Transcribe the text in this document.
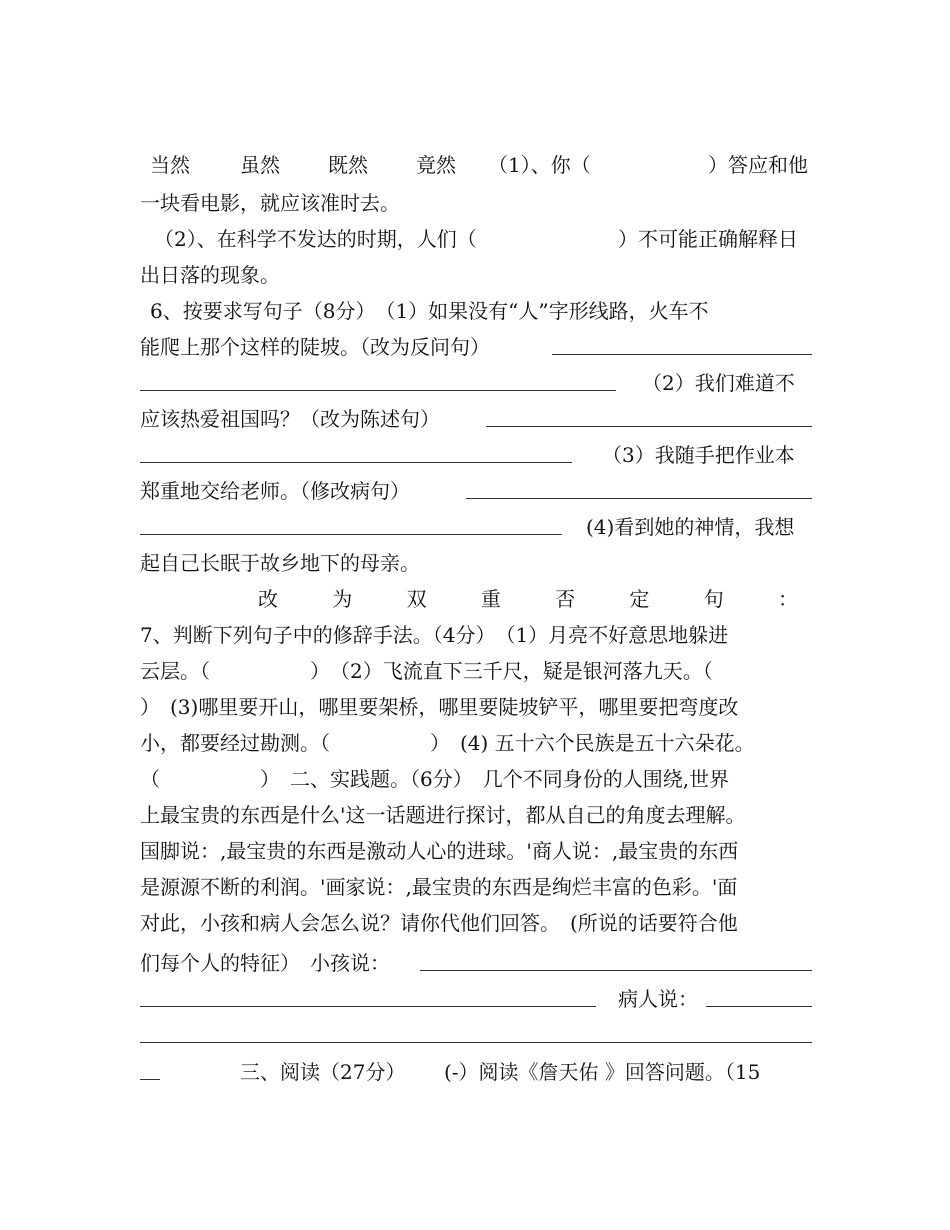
当然	虽然 既然 竟然 （1）、你（	）答应和他
一块看电影，就应该准时去。
（2）、在科学不发达的时期，人们（	）不可能正确解释日
出日落的现象。
6、按要求写句子（8分）　（1）如果没有“人”字形线路，火车不
能爬上那个这样的陡坡。（改为反问句）
（2）我们难道不
应该热爱祖国吗？（改为陈述句）
（3）我随手把作业本
郑重地交给老师。（修改病句）
(4)看到她的神情，我想
起自己长眠于故乡地下的母亲。
改	为	双	重	否	定	句	：
7、判断下列句子中的修辞手法。（4分）　（1）月亮不好意思地躲进
云层。（　　　　　）　（2）飞流直下三千尺，疑是银河落九天。（
）　(3)哪里要开山，哪里要架桥，哪里要陡坡铲平，哪里要把弯度改
小，都要经过勘测。（　　　　　）　(4) 五十六个民族是五十六朵花。
（　　　　　）　二、实践题。（6分）　几个不同身份的人围绕,世界
上最宝贵的东西是什么'这一话题进行探讨，都从自己的角度去理解。
国脚说：,最宝贵的东西是激动人心的进球。'商人说：,最宝贵的东西
是源源不断的利润。'画家说：,最宝贵的东西是绚烂丰富的色彩。'面
对此，小孩和病人会怎么说？请你代他们回答。　(所说的话要符合他
们每个人的特征）　小孩说：
病人说：
三、阅读（27分） (-）阅读《詹天佑 》回答问题。（15
